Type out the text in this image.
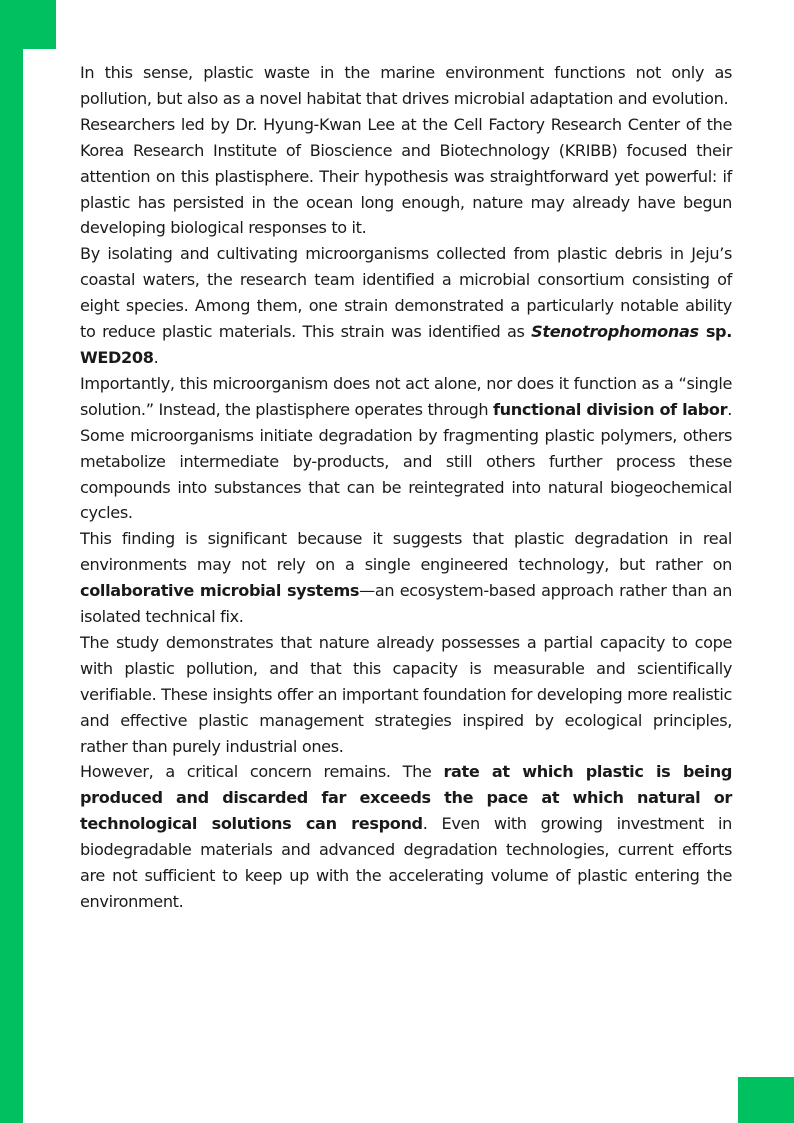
In this sense, plastic waste in the marine environment functions not only as pollution, but also as a novel habitat that drives microbial adaptation and evolution.

Researchers led by Dr. Hyung-Kwan Lee at the Cell Factory Research Center of the Korea Research Institute of Bioscience and Biotechnology (KRIBB) focused their attention on this plastisphere. Their hypothesis was straightforward yet powerful: if plastic has persisted in the ocean long enough, nature may already have begun developing biological responses to it.

By isolating and cultivating microorganisms collected from plastic debris in Jeju’s coastal waters, the research team identified a microbial consortium consisting of eight species. Among them, one strain demonstrated a particularly notable ability to reduce plastic materials. This strain was identified as Stenotrophomonas sp. WED208.

Importantly, this microorganism does not act alone, nor does it function as a “single solution.” Instead, the plastisphere operates through functional division of labor. Some microorganisms initiate degradation by fragmenting plastic polymers, others metabolize intermediate by-products, and still others further process these compounds into substances that can be reintegrated into natural biogeochemical cycles.

This finding is significant because it suggests that plastic degradation in real environments may not rely on a single engineered technology, but rather on collaborative microbial systems—an ecosystem-based approach rather than an isolated technical fix.

The study demonstrates that nature already possesses a partial capacity to cope with plastic pollution, and that this capacity is measurable and scientifically verifiable. These insights offer an important foundation for developing more realistic and effective plastic management strategies inspired by ecological principles, rather than purely industrial ones.

However, a critical concern remains. The rate at which plastic is being produced and discarded far exceeds the pace at which natural or technological solutions can respond. Even with growing investment in biodegradable materials and advanced degradation technologies, current efforts are not sufficient to keep up with the accelerating volume of plastic entering the environment.
